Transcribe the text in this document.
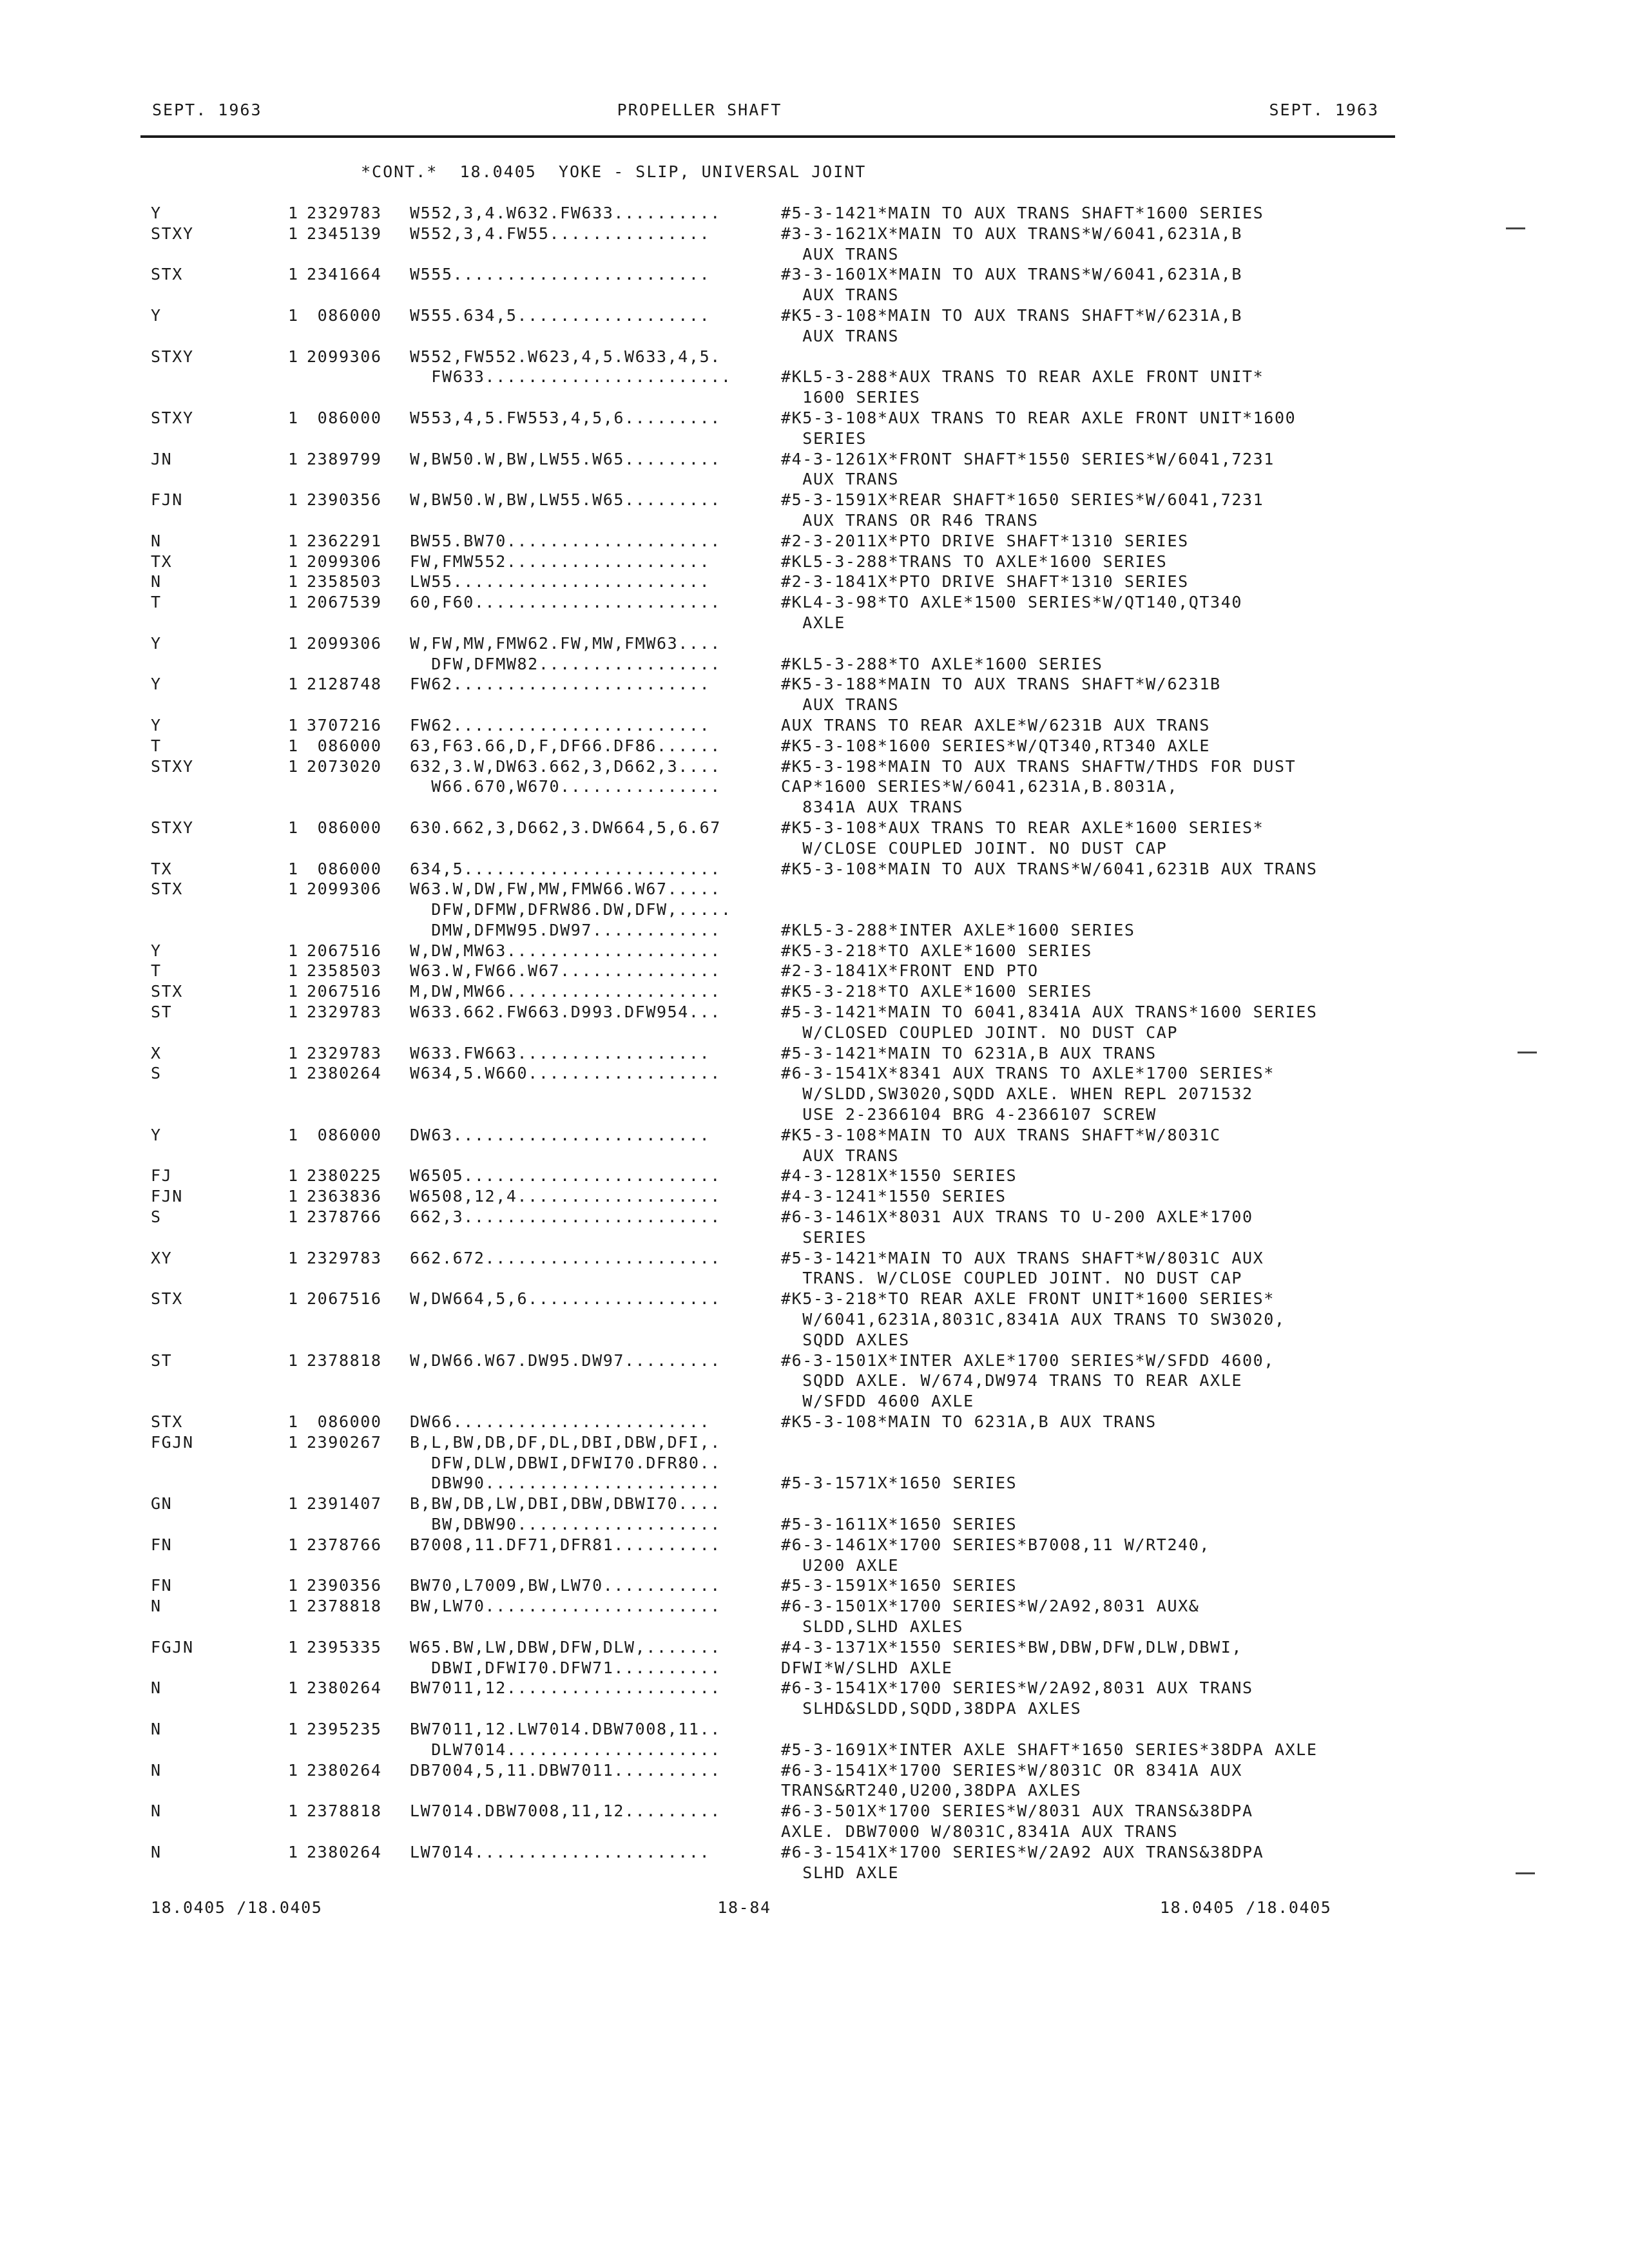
SEPT. 1963	PROPELLER SHAFT	SEPT. 1963
*CONT.*  18.0405  YOKE - SLIP, UNIVERSAL JOINT
Y	1 2329783 W552,3,4.W632.FW633..........	#5-3-1421*MAIN TO AUX TRANS SHAFT*1600 SERIES
STXY	1 2345139 W552,3,4.FW55...............	#3-3-1621X*MAIN TO AUX TRANS*W/6041,6231A,B
AUX TRANS
STX	1 2341664 W555........................	#3-3-1601X*MAIN TO AUX TRANS*W/6041,6231A,B
AUX TRANS
Y	1 086000 W555.634,5..................	#K5-3-108*MAIN TO AUX TRANS SHAFT*W/6231A,B
AUX TRANS
STXY	1 2099306 W552,FW552.W623,4,5.W633,4,5.
FW633.......................	#KL5-3-288*AUX TRANS TO REAR AXLE FRONT UNIT*
1600 SERIES
STXY	1 086000 W553,4,5.FW553,4,5,6.........	#K5-3-108*AUX TRANS TO REAR AXLE FRONT UNIT*1600
SERIES
JN	1 2389799 W,BW50.W,BW,LW55.W65.........	#4-3-1261X*FRONT SHAFT*1550 SERIES*W/6041,7231
AUX TRANS
FJN	1 2390356 W,BW50.W,BW,LW55.W65.........	#5-3-1591X*REAR SHAFT*1650 SERIES*W/6041,7231
AUX TRANS OR R46 TRANS
N	1 2362291 BW55.BW70....................	#2-3-2011X*PTO DRIVE SHAFT*1310 SERIES
TX	1 2099306 FW,FMW552...................	#KL5-3-288*TRANS TO AXLE*1600 SERIES
N	1 2358503 LW55........................	#2-3-1841X*PTO DRIVE SHAFT*1310 SERIES
T	1 2067539 60,F60.......................	#KL4-3-98*TO AXLE*1500 SERIES*W/QT140,QT340
AXLE
Y	1 2099306 W,FW,MW,FMW62.FW,MW,FMW63....
DFW,DFMW82.................	#KL5-3-288*TO AXLE*1600 SERIES
Y	1 2128748 FW62........................	#K5-3-188*MAIN TO AUX TRANS SHAFT*W/6231B
AUX TRANS
Y	1 3707216 FW62........................	AUX TRANS TO REAR AXLE*W/6231B AUX TRANS
T	1 086000 63,F63.66,D,F,DF66.DF86......	#K5-3-108*1600 SERIES*W/QT340,RT340 AXLE
STXY	1 2073020 632,3.W,DW63.662,3,D662,3....	#K5-3-198*MAIN TO AUX TRANS SHAFTW/THDS FOR DUST
W66.670,W670...............	CAP*1600 SERIES*W/6041,6231A,B.8031A,
8341A AUX TRANS
STXY	1 086000 630.662,3,D662,3.DW664,5,6.67	#K5-3-108*AUX TRANS TO REAR AXLE*1600 SERIES*
W/CLOSE COUPLED JOINT. NO DUST CAP
TX	1 086000 634,5........................	#K5-3-108*MAIN TO AUX TRANS*W/6041,6231B AUX TRANS
STX	1 2099306 W63.W,DW,FW,MW,FMW66.W67.....
DFW,DFMW,DFRW86.DW,DFW,.....
DMW,DFMW95.DW97............	#KL5-3-288*INTER AXLE*1600 SERIES
Y	1 2067516 W,DW,MW63....................	#K5-3-218*TO AXLE*1600 SERIES
T	1 2358503 W63.W,FW66.W67...............	#2-3-1841X*FRONT END PTO
STX	1 2067516 M,DW,MW66....................	#K5-3-218*TO AXLE*1600 SERIES
ST	1 2329783 W633.662.FW663.D993.DFW954...	#5-3-1421*MAIN TO 6041,8341A AUX TRANS*1600 SERIES
W/CLOSED COUPLED JOINT. NO DUST CAP
X	1 2329783 W633.FW663..................	#5-3-1421*MAIN TO 6231A,B AUX TRANS
S	1 2380264 W634,5.W660..................	#6-3-1541X*8341 AUX TRANS TO AXLE*1700 SERIES*
W/SLDD,SW3020,SQDD AXLE. WHEN REPL 2071532
USE 2-2366104 BRG 4-2366107 SCREW
Y	1 086000 DW63........................	#K5-3-108*MAIN TO AUX TRANS SHAFT*W/8031C
AUX TRANS
FJ	1 2380225 W6505........................	#4-3-1281X*1550 SERIES
FJN	1 2363836 W6508,12,4...................	#4-3-1241*1550 SERIES
S	1 2378766 662,3........................	#6-3-1461X*8031 AUX TRANS TO U-200 AXLE*1700
SERIES
XY	1 2329783 662.672......................	#5-3-1421*MAIN TO AUX TRANS SHAFT*W/8031C AUX
TRANS. W/CLOSE COUPLED JOINT. NO DUST CAP
STX	1 2067516 W,DW664,5,6..................	#K5-3-218*TO REAR AXLE FRONT UNIT*1600 SERIES*
W/6041,6231A,8031C,8341A AUX TRANS TO SW3020,
SQDD AXLES
ST	1 2378818 W,DW66.W67.DW95.DW97.........	#6-3-1501X*INTER AXLE*1700 SERIES*W/SFDD 4600,
SQDD AXLE. W/674,DW974 TRANS TO REAR AXLE
W/SFDD 4600 AXLE
STX	1 086000 DW66........................	#K5-3-108*MAIN TO 6231A,B AUX TRANS
FGJN	1 2390267 B,L,BW,DB,DF,DL,DBI,DBW,DFI,.
DFW,DLW,DBWI,DFWI70.DFR80..
DBW90......................	#5-3-1571X*1650 SERIES
GN	1 2391407 B,BW,DB,LW,DBI,DBW,DBWI70....
BW,DBW90...................	#5-3-1611X*1650 SERIES
FN	1 2378766 B7008,11.DF71,DFR81..........	#6-3-1461X*1700 SERIES*B7008,11 W/RT240,
U200 AXLE
FN	1 2390356 BW70,L7009,BW,LW70...........	#5-3-1591X*1650 SERIES
N	1 2378818 BW,LW70......................	#6-3-1501X*1700 SERIES*W/2A92,8031 AUX&
SLDD,SLHD AXLES
FGJN	1 2395335 W65.BW,LW,DBW,DFW,DLW,.......	#4-3-1371X*1550 SERIES*BW,DBW,DFW,DLW,DBWI,
DBWI,DFWI70.DFW71..........	DFWI*W/SLHD AXLE
N	1 2380264 BW7011,12....................	#6-3-1541X*1700 SERIES*W/2A92,8031 AUX TRANS
SLHD&SLDD,SQDD,38DPA AXLES
N	1 2395235 BW7011,12.LW7014.DBW7008,11..
DLW7014....................	#5-3-1691X*INTER AXLE SHAFT*1650 SERIES*38DPA AXLE
N	1 2380264 DB7004,5,11.DBW7011..........	#6-3-1541X*1700 SERIES*W/8031C OR 8341A AUX
TRANS&RT240,U200,38DPA AXLES
N	1 2378818 LW7014.DBW7008,11,12.........	#6-3-501X*1700 SERIES*W/8031 AUX TRANS&38DPA
AXLE. DBW7000 W/8031C,8341A AUX TRANS
N	1 2380264 LW7014......................	#6-3-1541X*1700 SERIES*W/2A92 AUX TRANS&38DPA
SLHD AXLE
18.0405 /18.0405	18-84	18.0405 /18.0405
